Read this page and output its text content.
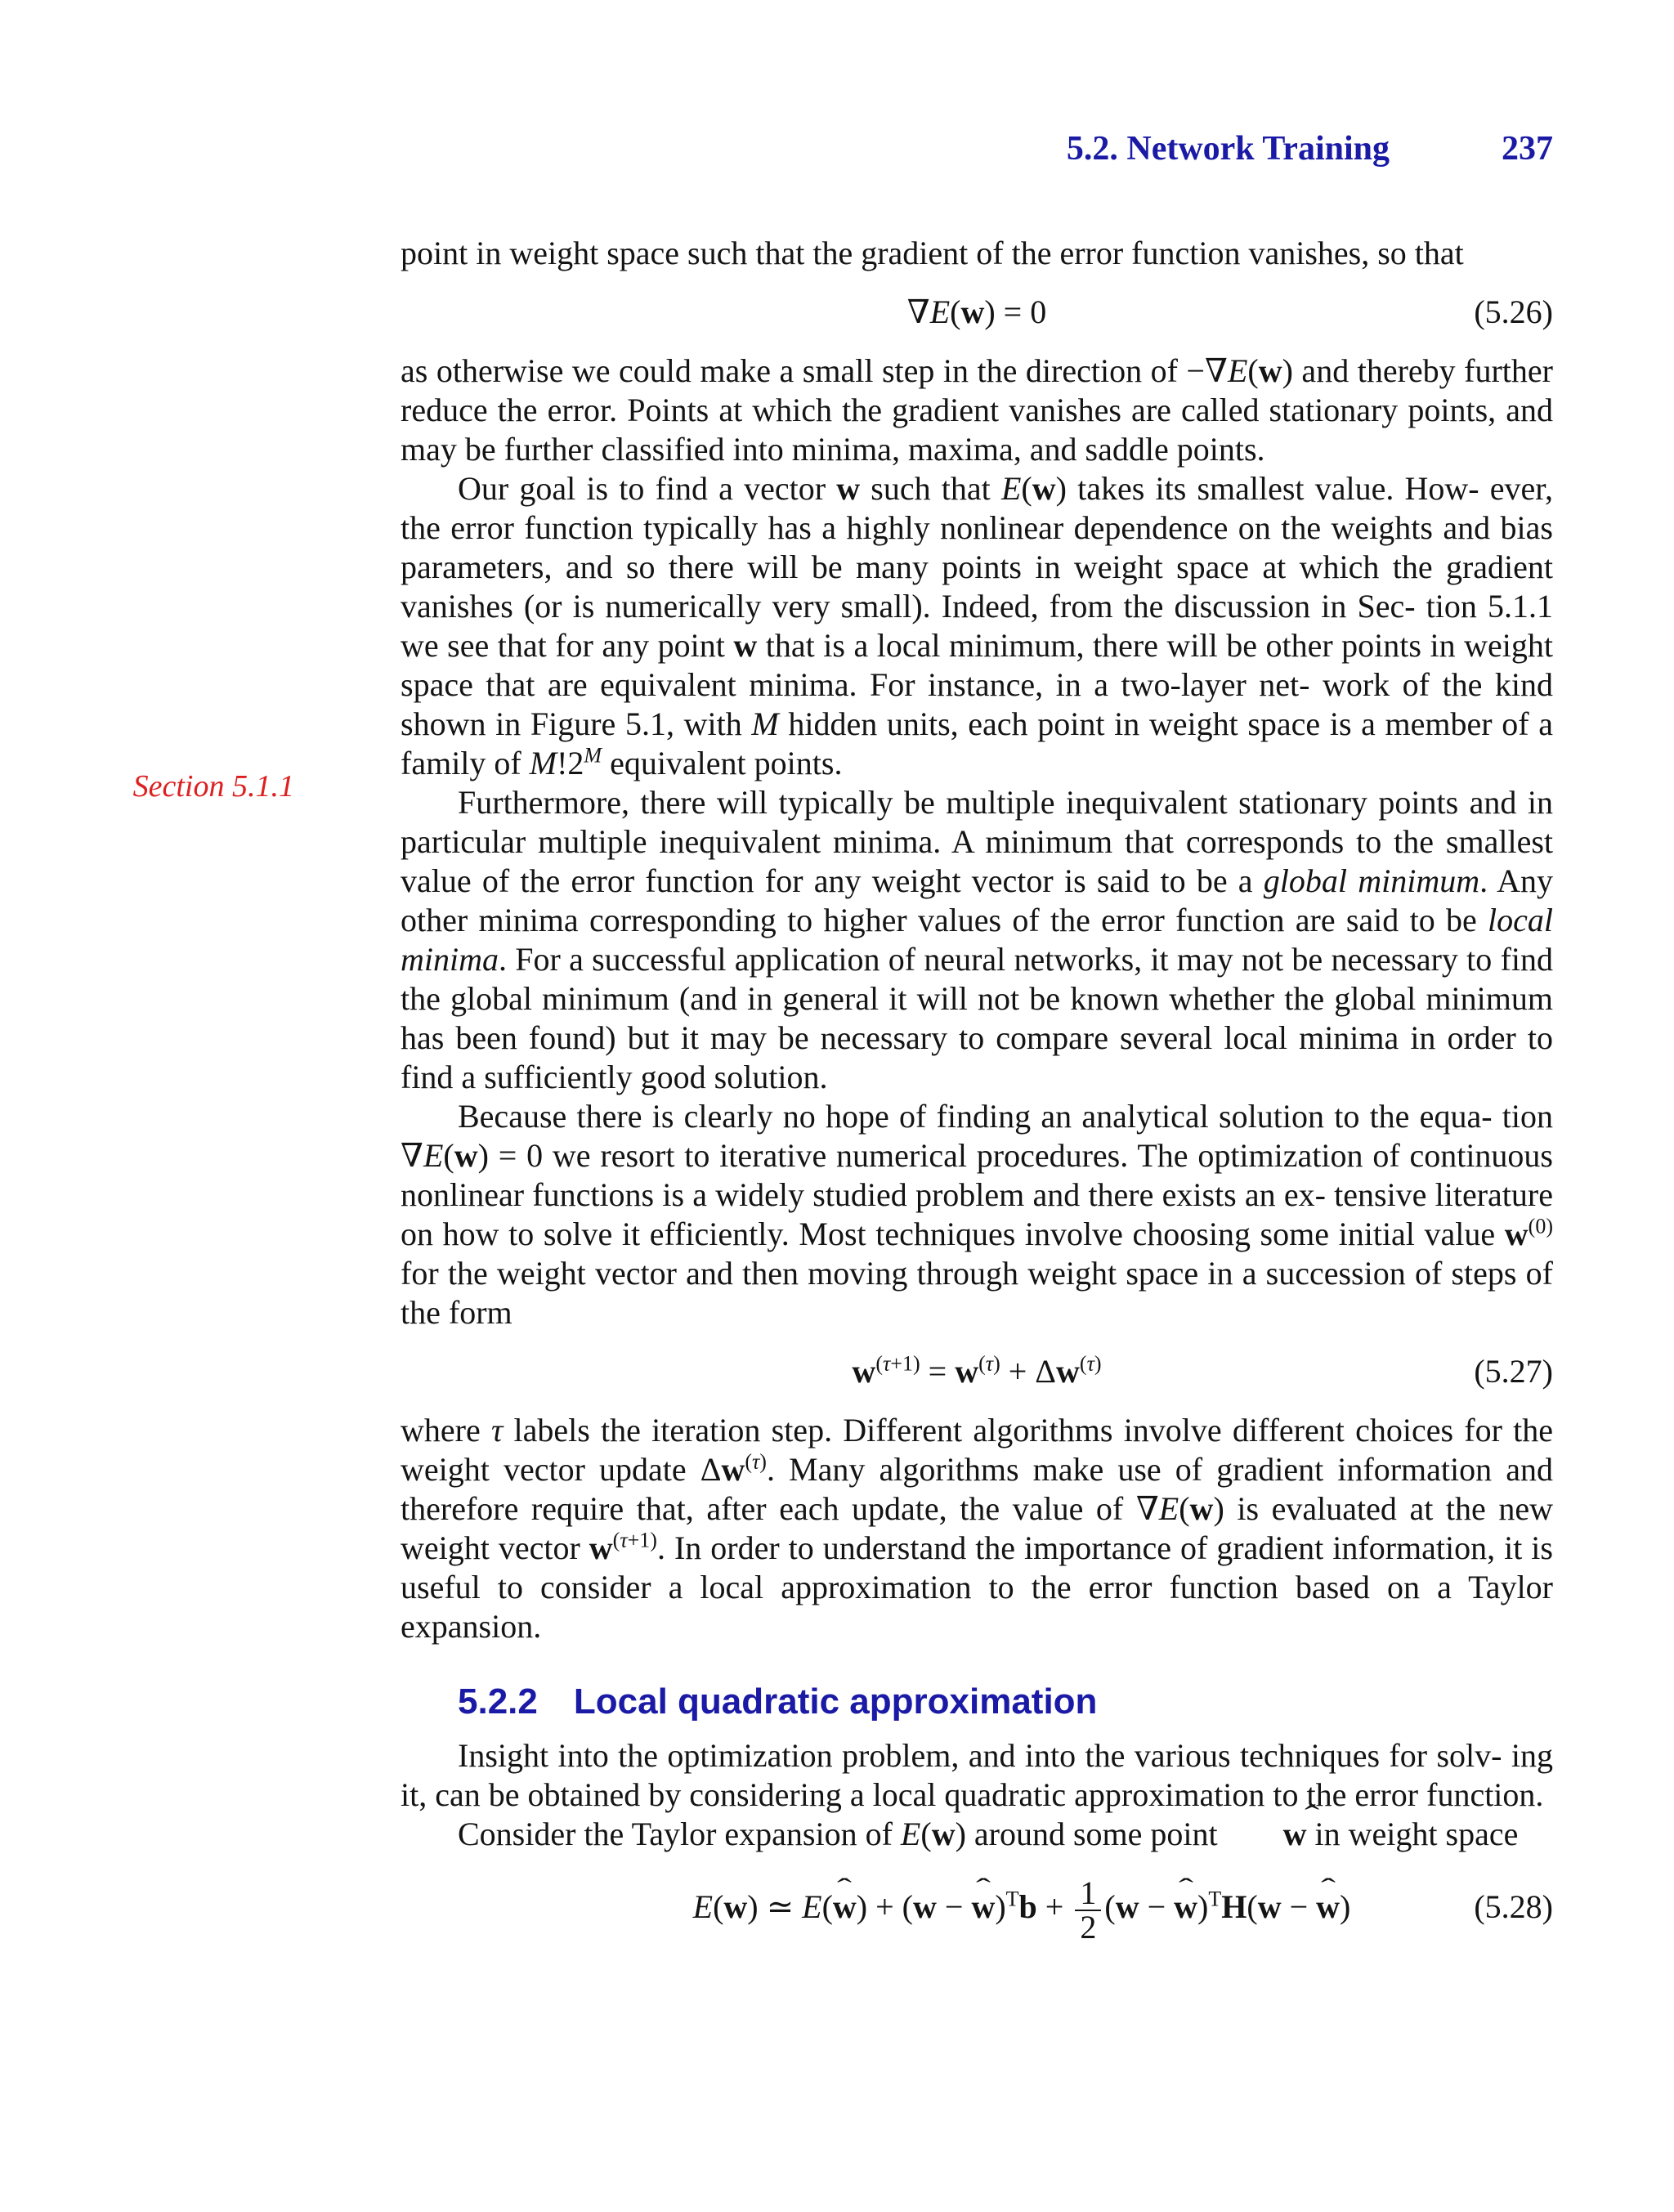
5.2. Network Training	237
Section 5.1.1

point in weight space such that the gradient of the error function vanishes, so that

∇E(w) = 0	(5.26)

as otherwise we could make a small step in the direction of −∇E(w) and thereby further reduce the error. Points at which the gradient vanishes are called stationary points, and may be further classified into minima, maxima, and saddle points.

Our goal is to find a vector w such that E(w) takes its smallest value. How- ever, the error function typically has a highly nonlinear dependence on the weights and bias parameters, and so there will be many points in weight space at which the gradient vanishes (or is numerically very small). Indeed, from the discussion in Sec- tion 5.1.1 we see that for any point w that is a local minimum, there will be other points in weight space that are equivalent minima. For instance, in a two-layer net- work of the kind shown in Figure 5.1, with M hidden units, each point in weight space is a member of a family of $M!2^M$ equivalent points.

Furthermore, there will typically be multiple inequivalent stationary points and in particular multiple inequivalent minima. A minimum that corresponds to the smallest value of the error function for any weight vector is said to be a global minimum. Any other minima corresponding to higher values of the error function are said to be local minima. For a successful application of neural networks, it may not be necessary to find the global minimum (and in general it will not be known whether the global minimum has been found) but it may be necessary to compare several local minima in order to find a sufficiently good solution.

Because there is clearly no hope of finding an analytical solution to the equa- tion ∇E(w) = 0 we resort to iterative numerical procedures. The optimization of continuous nonlinear functions is a widely studied problem and there exists an ex- tensive literature on how to solve it efficiently. Most techniques involve choosing some initial value $w^{(0)}$ for the weight vector and then moving through weight space in a succession of steps of the form

$w^{(\tau+1)} = w^{(\tau)} + \Delta w^{(\tau)}$	(5.27)

where τ labels the iteration step. Different algorithms involve different choices for the weight vector update $\Delta w^{(\tau)}$. Many algorithms make use of gradient information and therefore require that, after each update, the value of ∇E(w) is evaluated at the new weight vector $w^{(\tau+1)}$. In order to understand the importance of gradient information, it is useful to consider a local approximation to the error function based on a Taylor expansion.

5.2.2 Local quadratic approximation

Insight into the optimization problem, and into the various techniques for solv- ing it, can be obtained by considering a local quadratic approximation to the error function.

Consider the Taylor expansion of E(w) around some point ˆ w in weight space

E(w) ≃ E(ˆ w) + (w − ˆ $w)^Tb + \frac{1}{2} (w$ − ˆ w)$^T$H(w − ˆ w)	(5.28)
